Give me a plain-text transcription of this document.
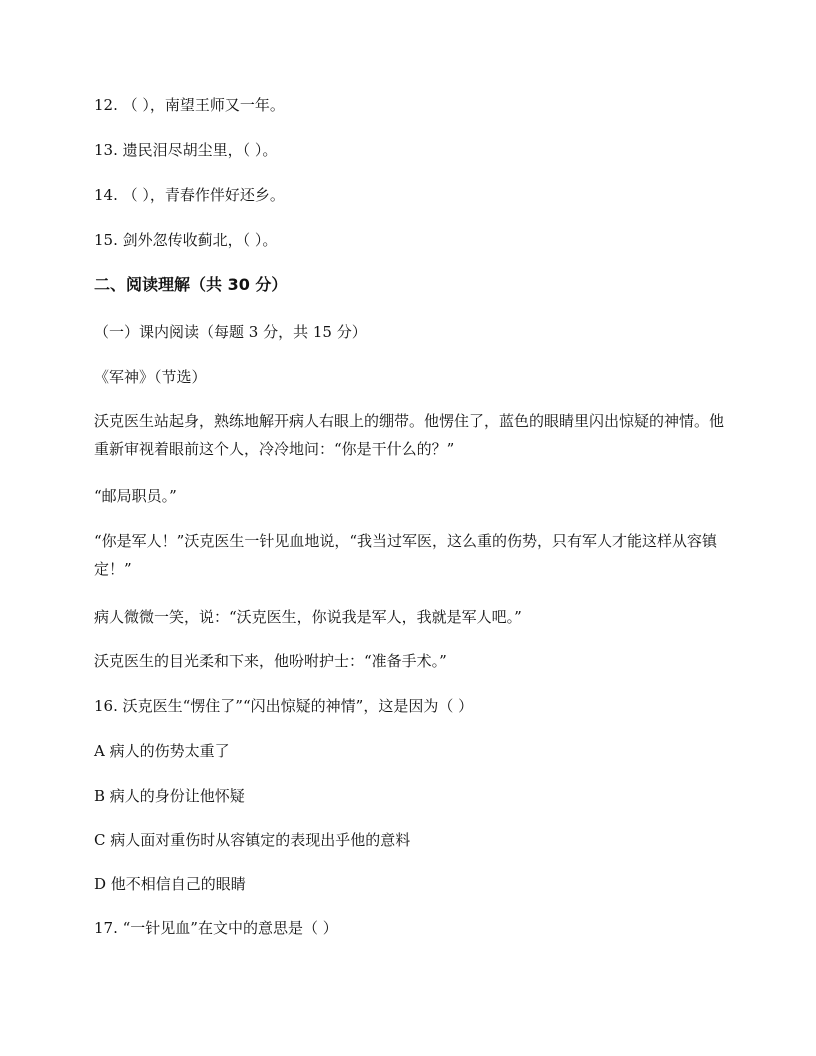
12. （ ），南望王师又一年。
13. 遗民泪尽胡尘里，（ ）。
14. （ ），青春作伴好还乡。
15. 剑外忽传收蓟北，（ ）。
二、阅读理解（共 30 分）
（一）课内阅读（每题 3 分，共 15 分）
《军神》（节选）
沃克医生站起身，熟练地解开病人右眼上的绷带。他愣住了，蓝色的眼睛里闪出惊疑的神情。他重新审视着眼前这个人，冷冷地问：“你是干什么的？”
“邮局职员。”
“你是军人！”沃克医生一针见血地说，“我当过军医，这么重的伤势，只有军人才能这样从容镇定！”
病人微微一笑，说：“沃克医生，你说我是军人，我就是军人吧。”
沃克医生的目光柔和下来，他吩咐护士：“准备手术。”
16. 沃克医生“愣住了”“闪出惊疑的神情”，这是因为（ ）
A 病人的伤势太重了
B 病人的身份让他怀疑
C 病人面对重伤时从容镇定的表现出乎他的意料
D 他不相信自己的眼睛
17. “一针见血”在文中的意思是（ ）
